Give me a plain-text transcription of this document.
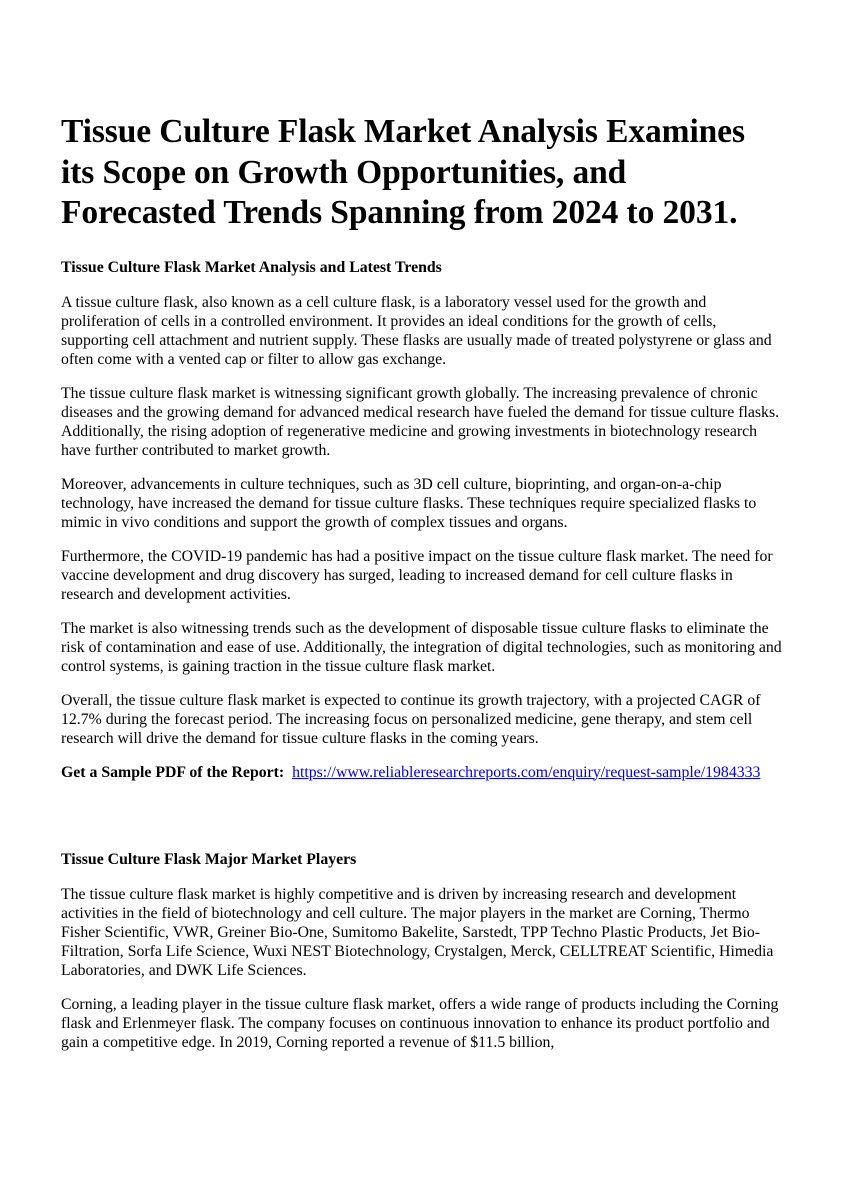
Tissue Culture Flask Market Analysis Examines its Scope on Growth Opportunities, and Forecasted Trends Spanning from 2024 to 2031.
Tissue Culture Flask Market Analysis and Latest Trends

A tissue culture flask, also known as a cell culture flask, is a laboratory vessel used for the growth and proliferation of cells in a controlled environment. It provides an ideal conditions for the growth of cells, supporting cell attachment and nutrient supply. These flasks are usually made of treated polystyrene or glass and often come with a vented cap or filter to allow gas exchange.

The tissue culture flask market is witnessing significant growth globally. The increasing prevalence of chronic diseases and the growing demand for advanced medical research have fueled the demand for tissue culture flasks. Additionally, the rising adoption of regenerative medicine and growing investments in biotechnology research have further contributed to market growth.

Moreover, advancements in culture techniques, such as 3D cell culture, bioprinting, and organ-on-a-chip technology, have increased the demand for tissue culture flasks. These techniques require specialized flasks to mimic in vivo conditions and support the growth of complex tissues and organs.

Furthermore, the COVID-19 pandemic has had a positive impact on the tissue culture flask market. The need for vaccine development and drug discovery has surged, leading to increased demand for cell culture flasks in research and development activities.

The market is also witnessing trends such as the development of disposable tissue culture flasks to eliminate the risk of contamination and ease of use. Additionally, the integration of digital technologies, such as monitoring and control systems, is gaining traction in the tissue culture flask market.

Overall, the tissue culture flask market is expected to continue its growth trajectory, with a projected CAGR of 12.7% during the forecast period. The increasing focus on personalized medicine, gene therapy, and stem cell research will drive the demand for tissue culture flasks in the coming years.

Get a Sample PDF of the Report: https://www.reliableresearchreports.com/enquiry/request-sample/1984333

Tissue Culture Flask Major Market Players

The tissue culture flask market is highly competitive and is driven by increasing research and development activities in the field of biotechnology and cell culture. The major players in the market are Corning, Thermo Fisher Scientific, VWR, Greiner Bio-One, Sumitomo Bakelite, Sarstedt, TPP Techno Plastic Products, Jet Bio-Filtration, Sorfa Life Science, Wuxi NEST Biotechnology, Crystalgen, Merck, CELLTREAT Scientific, Himedia Laboratories, and DWK Life Sciences.

Corning, a leading player in the tissue culture flask market, offers a wide range of products including the Corning flask and Erlenmeyer flask. The company focuses on continuous innovation to enhance its product portfolio and gain a competitive edge. In 2019, Corning reported a revenue of $11.5 billion,
